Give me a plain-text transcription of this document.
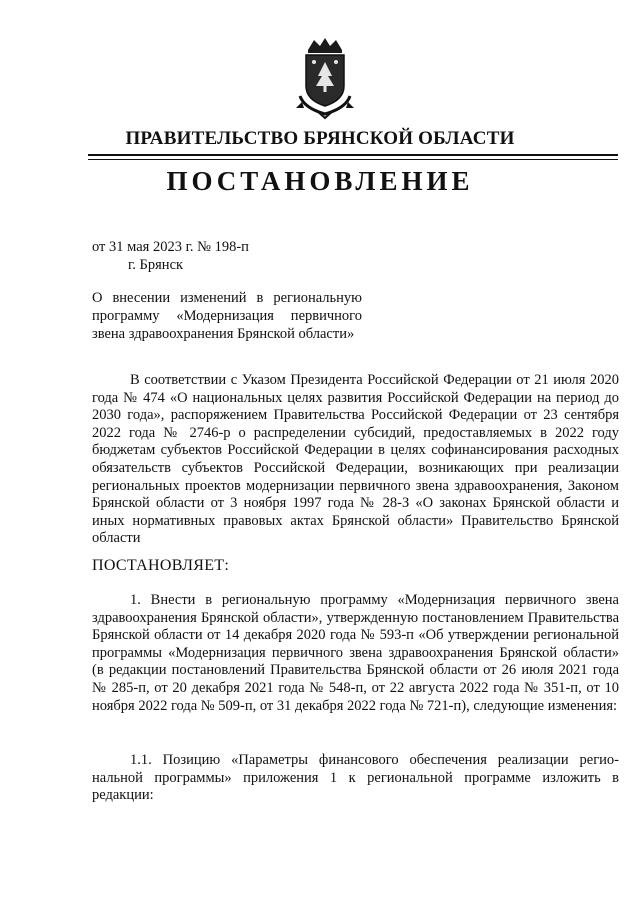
ПРАВИТЕЛЬСТВО БРЯНСКОЙ ОБЛАСТИ
ПОСТАНОВЛЕНИЕ
от 31 мая 2023 г. № 198-п
г. Брянск
О внесении изменений в региональную программу «Модернизация первичного звена здравоохранения Брянской области»
В соответствии с Указом Президента Российской Федерации от 21 июля 2020 года № 474 «О национальных целях развития Российской Федерации на период до 2030 года», распоряжением Правительства Российской Федерации от 23 сентября 2022 года № 2746-р о распределении субсидий, предоставляемых в 2022 году бюджетам субъектов Российской Федерации в целях софинансирования расходных обязательств субъектов Российской Федерации, возникающих при реализации региональных проектов модернизации первичного звена здравоохранения, Законом Брянской области от 3 ноября 1997 года № 28-З «О законах Брянской области и иных нормативных правовых актах Брянской области» Правительство Брянской области
ПОСТАНОВЛЯЕТ:
1. Внести в региональную программу «Модернизация первичного звена здравоохранения Брянской области», утвержденную постановлением Правительства Брянской области от 14 декабря 2020 года № 593-п «Об утверждении региональной программы «Модернизация первичного звена здравоохранения Брянской области» (в редакции постановлений Правительства Брянской области от 26 июля 2021 года № 285-п, от 20 декабря 2021 года № 548-п, от 22 августа 2022 года № 351-п, от 10 ноября 2022 года № 509-п, от 31 декабря 2022 года № 721-п), следующие изменения:
1.1. Позицию «Параметры финансового обеспечения реализации регио-нальной программы» приложения 1 к региональной программе изложить в редакции:
